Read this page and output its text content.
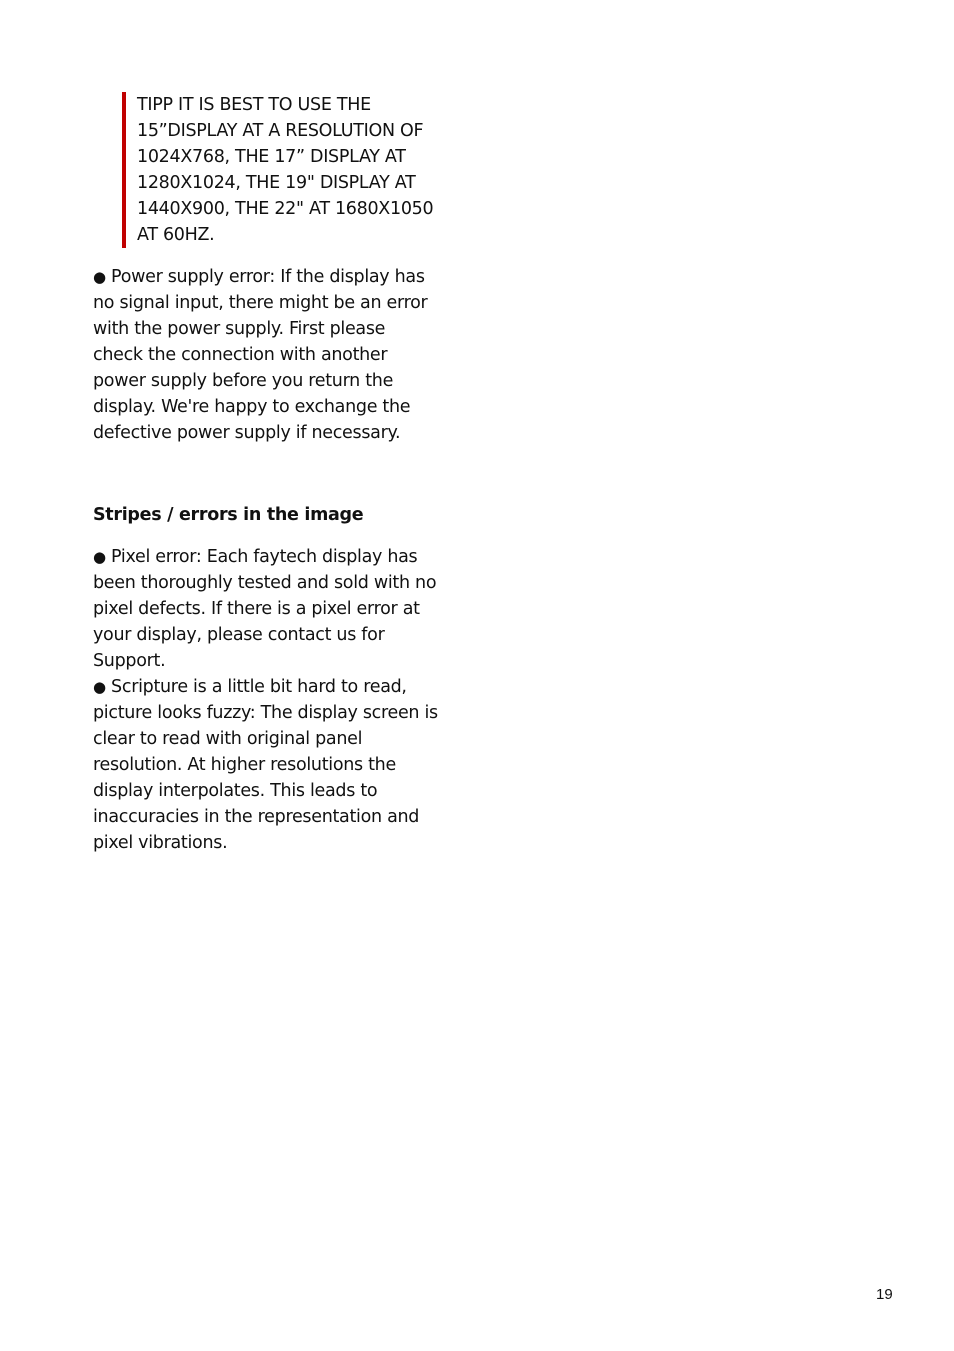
TIPP IT IS BEST TO USE THE
15”DISPLAY AT A RESOLUTION OF
1024X768, THE 17” DISPLAY AT
1280X1024, THE 19" DISPLAY AT
1440X900, THE 22" AT 1680X1050
AT 60HZ.
● Power supply error: If the display has
no signal input, there might be an error
with the power supply. First please
check the connection with another
power supply before you return the
display. We're happy to exchange the
defective power supply if necessary.
Stripes / errors in the image
● Pixel error: Each faytech display has
been thoroughly tested and sold with no
pixel defects. If there is a pixel error at
your display, please contact us for
Support.
● Scripture is a little bit hard to read,
picture looks fuzzy: The display screen is
clear to read with original panel
resolution. At higher resolutions the
display interpolates. This leads to
inaccuracies in the representation and
pixel vibrations.
19
